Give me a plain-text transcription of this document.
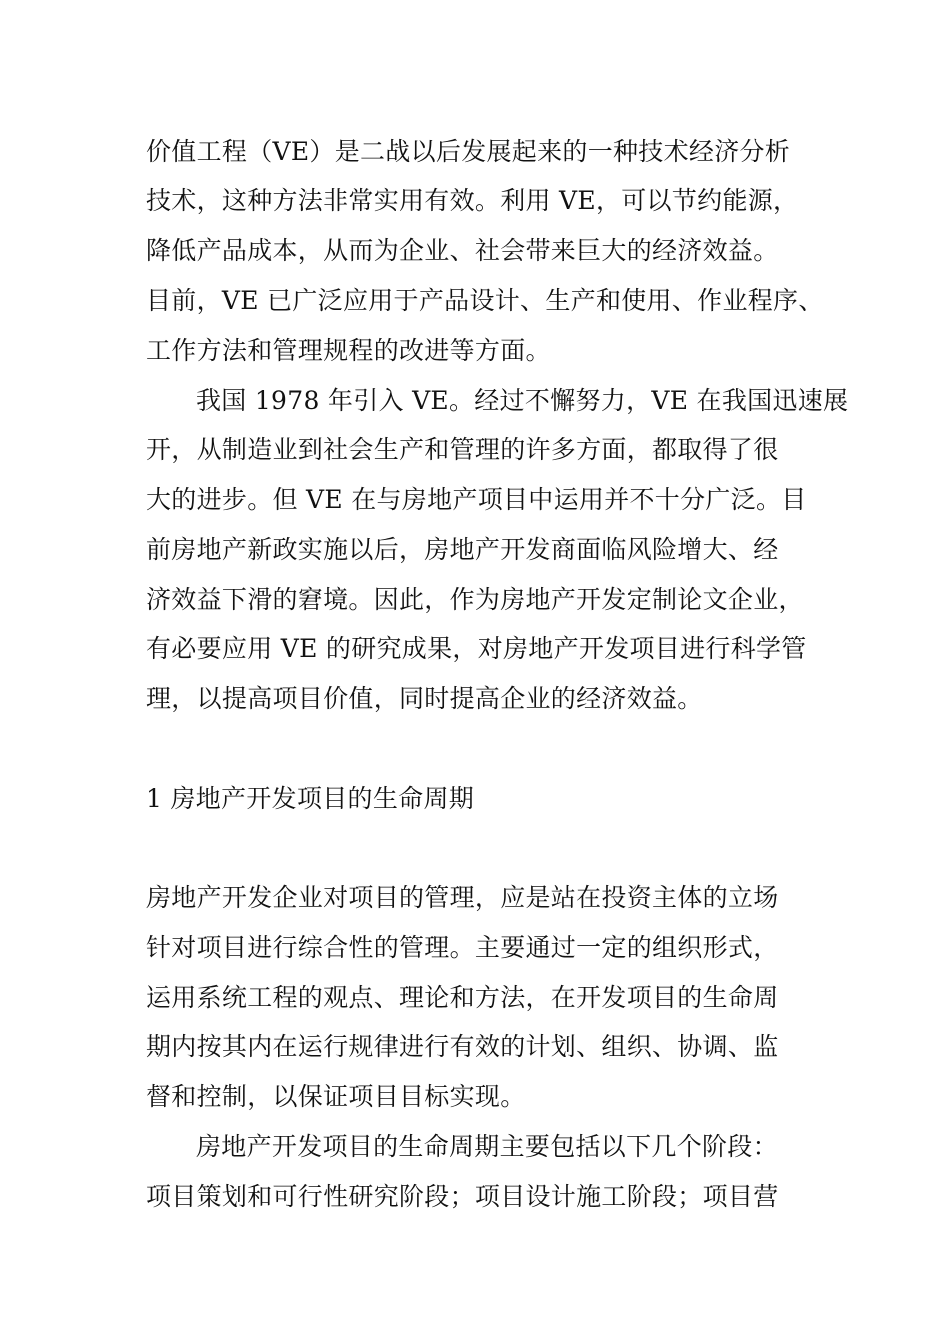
价值工程（VE）是二战以后发展起来的一种技术经济分析
技术，这种方法非常实用有效。利用 VE，可以节约能源，
降低产品成本，从而为企业、社会带来巨大的经济效益。
目前，VE 已广泛应用于产品设计、生产和使用、作业程序、
工作方法和管理规程的改进等方面。
我国 1978 年引入 VE。经过不懈努力，VE 在我国迅速展
开，从制造业到社会生产和管理的许多方面，都取得了很
大的进步。但 VE 在与房地产项目中运用并不十分广泛。目
前房地产新政实施以后，房地产开发商面临风险增大、经
济效益下滑的窘境。因此，作为房地产开发定制论文企业，
有必要应用 VE 的研究成果，对房地产开发项目进行科学管
理，以提高项目价值，同时提高企业的经济效益。
1 房地产开发项目的生命周期
房地产开发企业对项目的管理，应是站在投资主体的立场
针对项目进行综合性的管理。主要通过一定的组织形式，
运用系统工程的观点、理论和方法，在开发项目的生命周
期内按其内在运行规律进行有效的计划、组织、协调、监
督和控制，以保证项目目标实现。
房地产开发项目的生命周期主要包括以下几个阶段：
项目策划和可行性研究阶段；项目设计施工阶段；项目营
